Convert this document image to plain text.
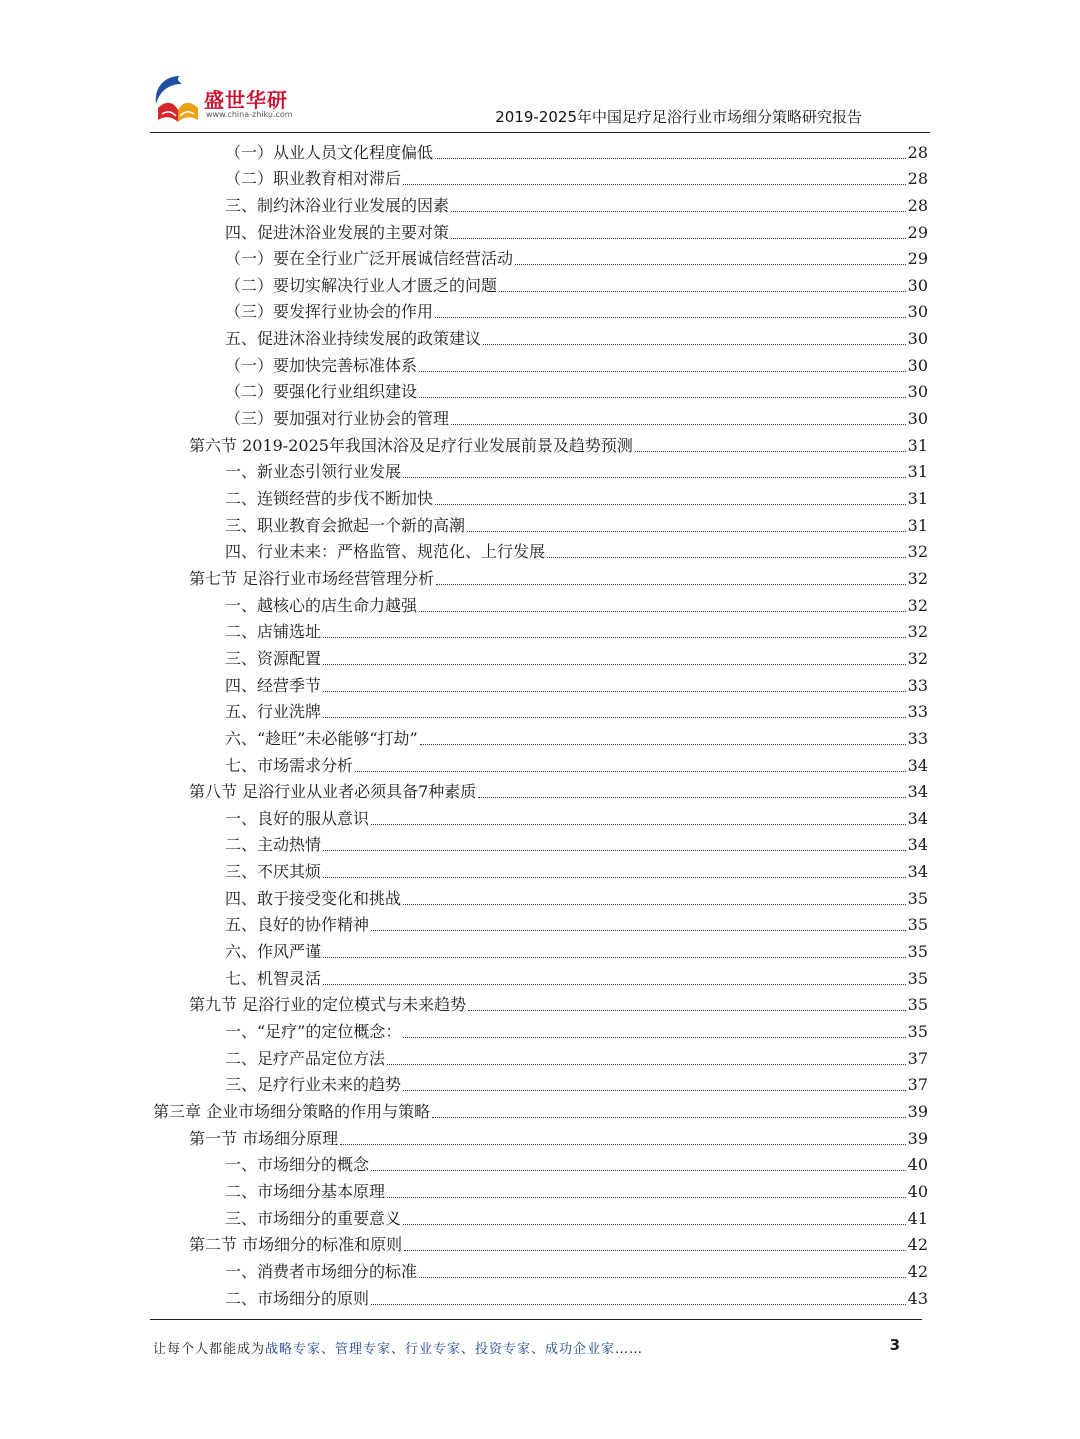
盛世华研
www.china-zhiku.com	2019-2025年中国足疗足浴行业市场细分策略研究报告
（一）从业人员文化程度偏低	28
（二）职业教育相对滞后	28
三、制约沐浴业行业发展的因素	28
四、促进沐浴业发展的主要对策	29
（一）要在全行业广泛开展诚信经营活动	29
（二）要切实解决行业人才匮乏的问题	30
（三）要发挥行业协会的作用	30
五、促进沐浴业持续发展的政策建议	30
（一）要加快完善标准体系	30
（二）要强化行业组织建设	30
（三）要加强对行业协会的管理	30
第六节 2019-2025年我国沐浴及足疗行业发展前景及趋势预测	31
一、新业态引领行业发展	31
二、连锁经营的步伐不断加快	31
三、职业教育会掀起一个新的高潮	31
四、行业未来：严格监管、规范化、上行发展	32
第七节 足浴行业市场经营管理分析	32
一、越核心的店生命力越强	32
二、店铺选址	32
三、资源配置	32
四、经营季节	33
五、行业洗牌	33
六、“趁旺”未必能够“打劫”	33
七、市场需求分析	34
第八节 足浴行业从业者必须具备7种素质	34
一、良好的服从意识	34
二、主动热情	34
三、不厌其烦	34
四、敢于接受变化和挑战	35
五、良好的协作精神	35
六、作风严谨	35
七、机智灵活	35
第九节 足浴行业的定位模式与未来趋势	35
一、“足疗”的定位概念：	35
二、足疗产品定位方法	37
三、足疗行业未来的趋势	37
第三章 企业市场细分策略的作用与策略	39
第一节 市场细分原理	39
一、市场细分的概念	40
二、市场细分基本原理	40
三、市场细分的重要意义	41
第二节 市场细分的标准和原则	42
一、消费者市场细分的标准	42
二、市场细分的原则	43
让每个人都能成为战略专家、管理专家、行业专家、投资专家、成功企业家……	3
